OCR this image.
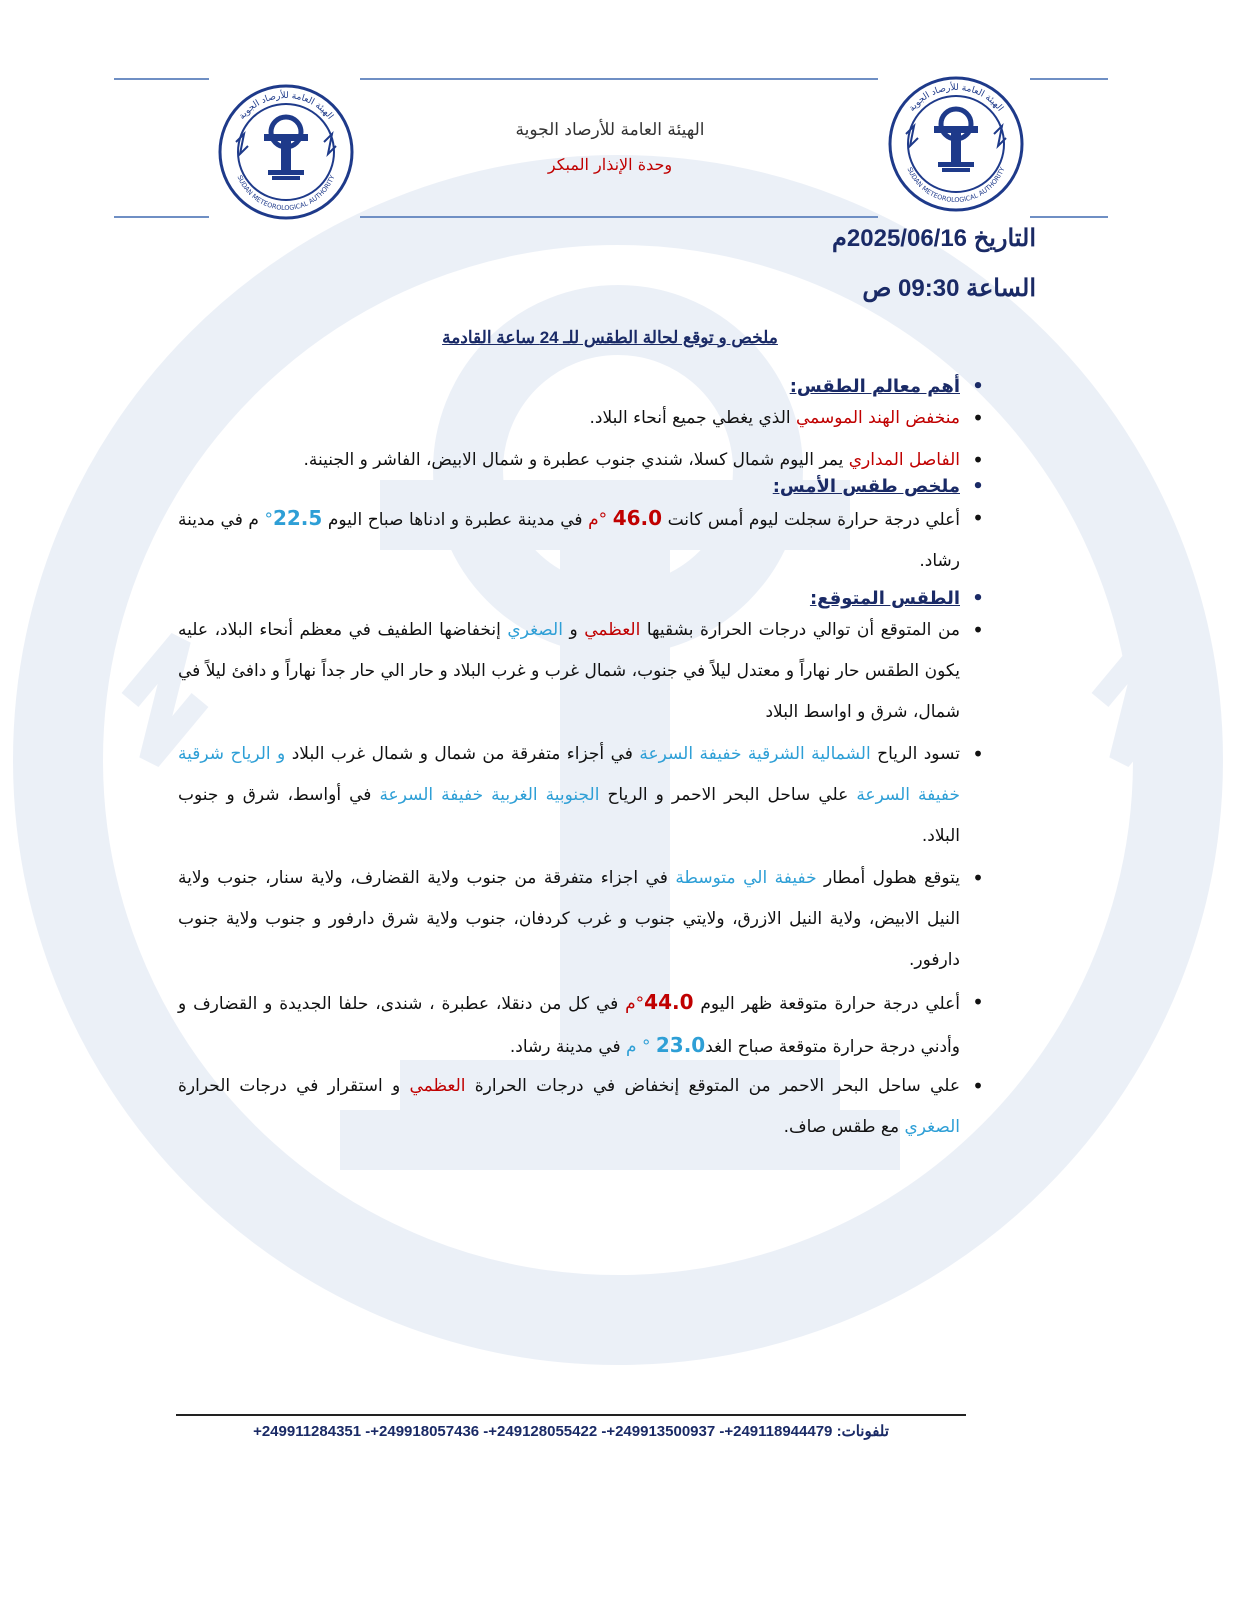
الهيئة العامة للأرصاد الجوية
SUDAN METEOROLOGICAL AUTHORITY
الهيئة العامة للأرصاد الجوية
SUDAN METEOROLOGICAL AUTHORITY
الهيئة العامة للأرصاد الجوية
وحدة الإنذار المبكر
التاريخ 2025/06/16م
الساعة 09:30 ص
ملخص و توقع لحالة الطقس للـ 24 ساعة القادمة
•
أهم معالم الطقس:
•
منخفض الهند الموسمي الذي يغطي جميع أنحاء البلاد.
•
الفاصل المداري يمر اليوم شمال كسلا، شندي جنوب عطبرة و شمال الابيض، الفاشر و الجنينة.
•
ملخص طقس الأمس:
•
أعلي درجة حرارة سجلت ليوم أمس كانت 46.0 °م في مدينة عطبرة و ادناها صباح اليوم 22.5° م في مدينة رشاد.
•
الطقس المتوقع:
•
من المتوقع أن توالي درجات الحرارة بشقيها العظمي و الصغري إنخفاضها الطفيف في معظم أنحاء البلاد، عليه يكون الطقس حار نهاراً و معتدل ليلاً في جنوب، شمال غرب و غرب البلاد و حار الي حار جداً نهاراً و دافئ ليلاً في شمال، شرق و اواسط البلاد
•
تسود الرياح الشمالية الشرقية خفيفة السرعة في أجزاء متفرقة من شمال و شمال غرب البلاد و الرياح شرقية خفيفة السرعة علي ساحل البحر الاحمر و الرياح الجنوبية الغربية خفيفة السرعة في أواسط، شرق و جنوب البلاد.
•
يتوقع هطول أمطار خفيفة الي متوسطة في اجزاء متفرقة من جنوب ولاية القضارف، ولاية سنار، جنوب ولاية النيل الابيض، ولاية النيل الازرق، ولايتي جنوب و غرب كردفان، جنوب ولاية شرق دارفور و جنوب ولاية جنوب دارفور.
•
أعلي درجة حرارة متوقعة ظهر اليوم 44.0°م في كل من دنقلا، عطبرة ، شندى، حلفا الجديدة و القضارف و وأدني درجة حرارة متوقعة صباح الغد23.0 ° م في مدينة رشاد.
•
علي ساحل البحر الاحمر من المتوقع إنخفاض في درجات الحرارة العظمي و استقرار في درجات الحرارة الصغري مع طقس صاف.
تلفونات: +249911284351 -+249918057436 -+249128055422 -+249913500937 -+249118944479
